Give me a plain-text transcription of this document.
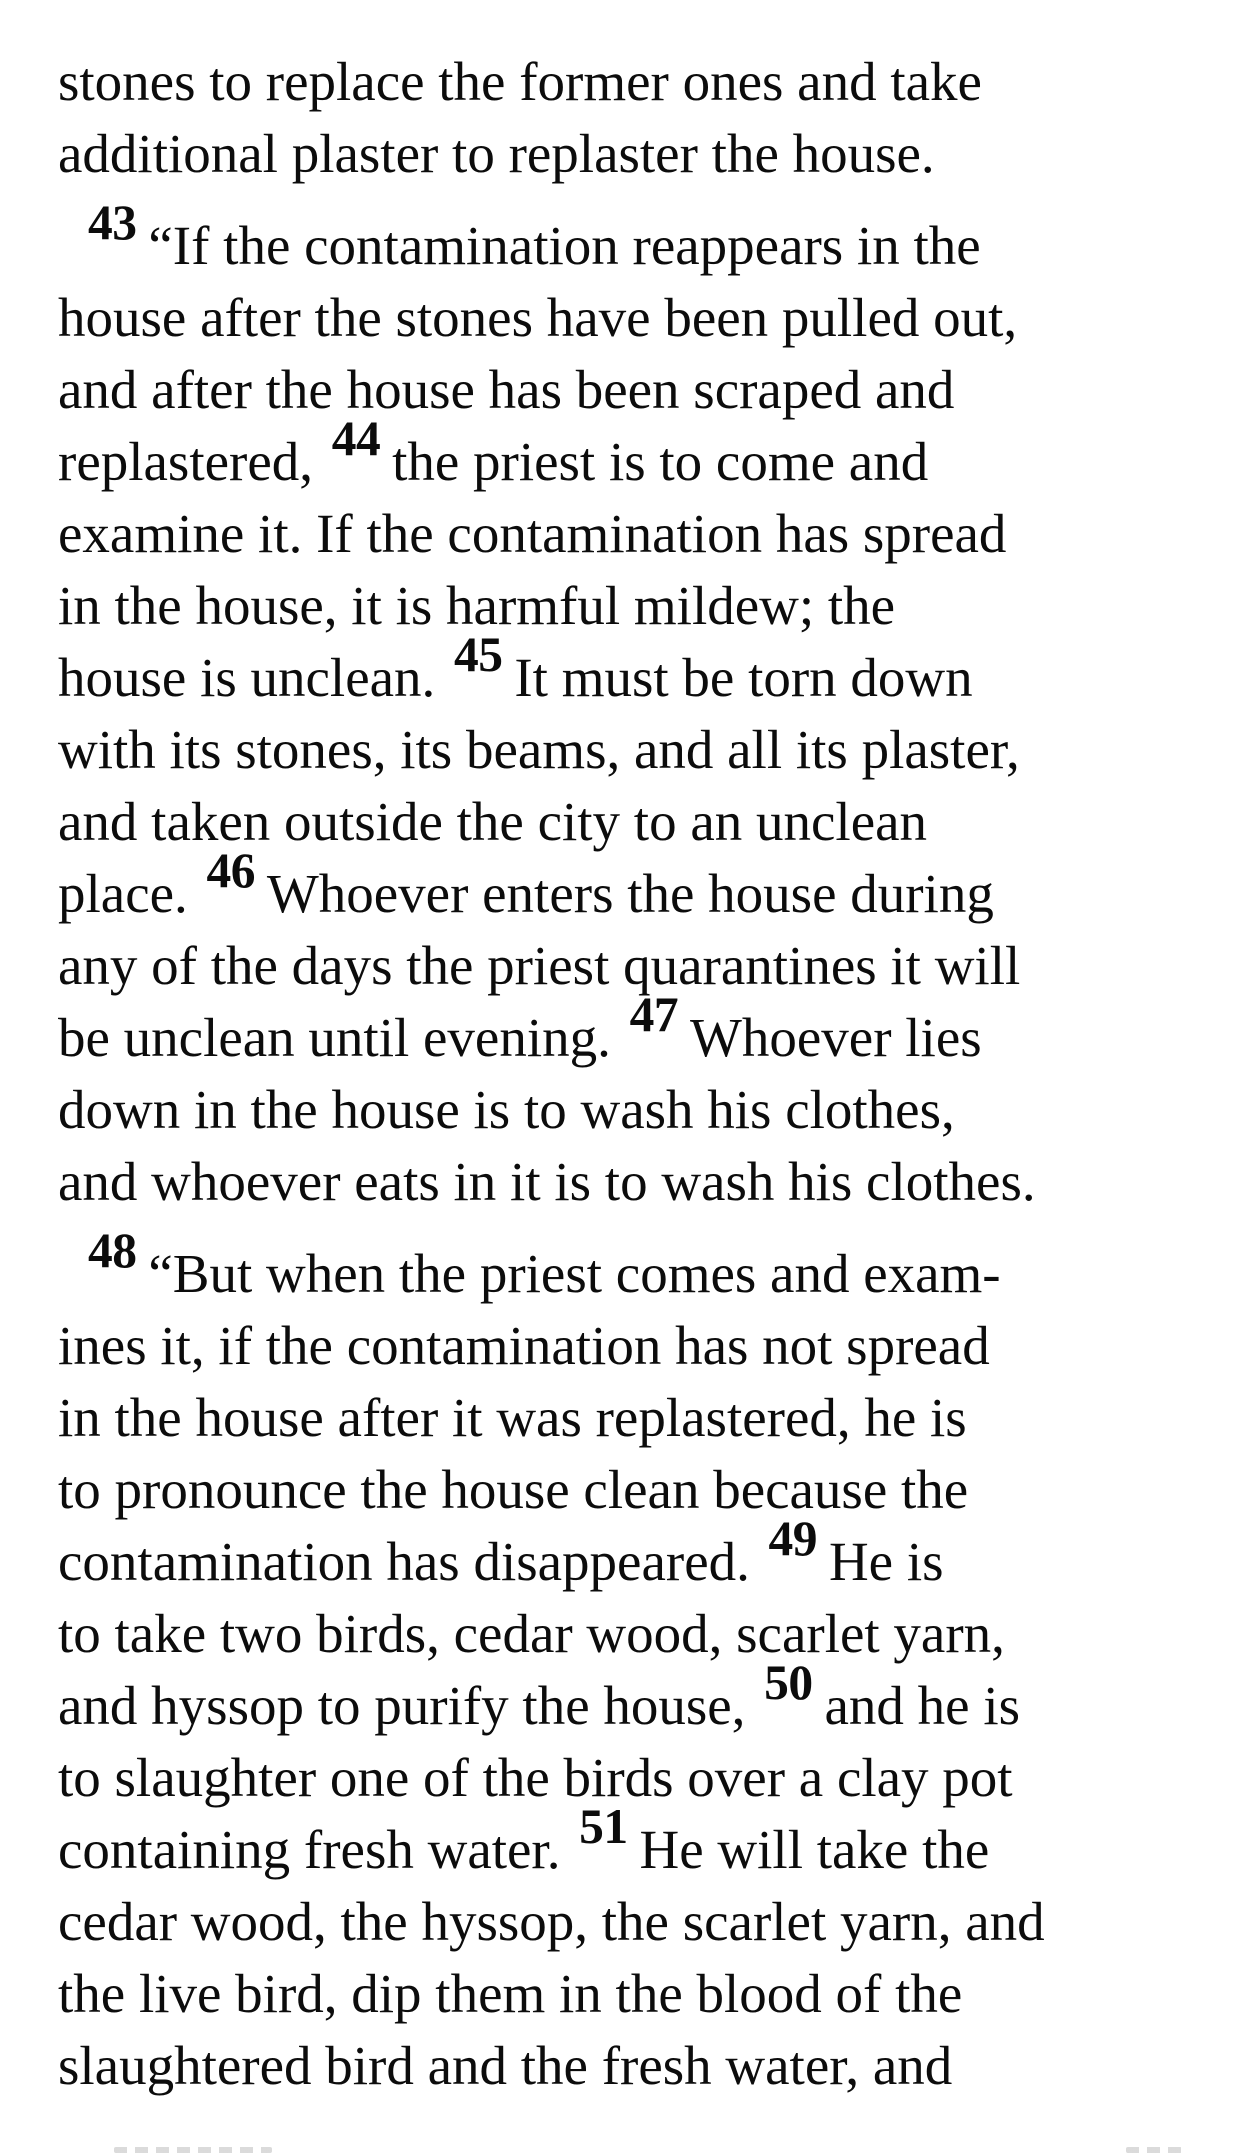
stones to replace the former ones and take
additional plaster to replaster the house.
43 “If the contamination reappears in the
house after the stones have been pulled out,
and after the house has been scraped and
replastered, 44 the priest is to come and
examine it. If the contamination has spread
in the house, it is harmful mildew; the
house is unclean. 45 It must be torn down
with its stones, its beams, and all its plaster,
and taken outside the city to an unclean
place. 46 Whoever enters the house during
any of the days the priest quarantines it will
be unclean until evening. 47 Whoever lies
down in the house is to wash his clothes,
and whoever eats in it is to wash his clothes.
48 “But when the priest comes and exam-
ines it, if the contamination has not spread
in the house after it was replastered, he is
to pronounce the house clean because the
contamination has disappeared. 49 He is
to take two birds, cedar wood, scarlet yarn,
and hyssop to purify the house, 50 and he is
to slaughter one of the birds over a clay pot
containing fresh water. 51 He will take the
cedar wood, the hyssop, the scarlet yarn, and
the live bird, dip them in the blood of the
slaughtered bird and the fresh water, and
